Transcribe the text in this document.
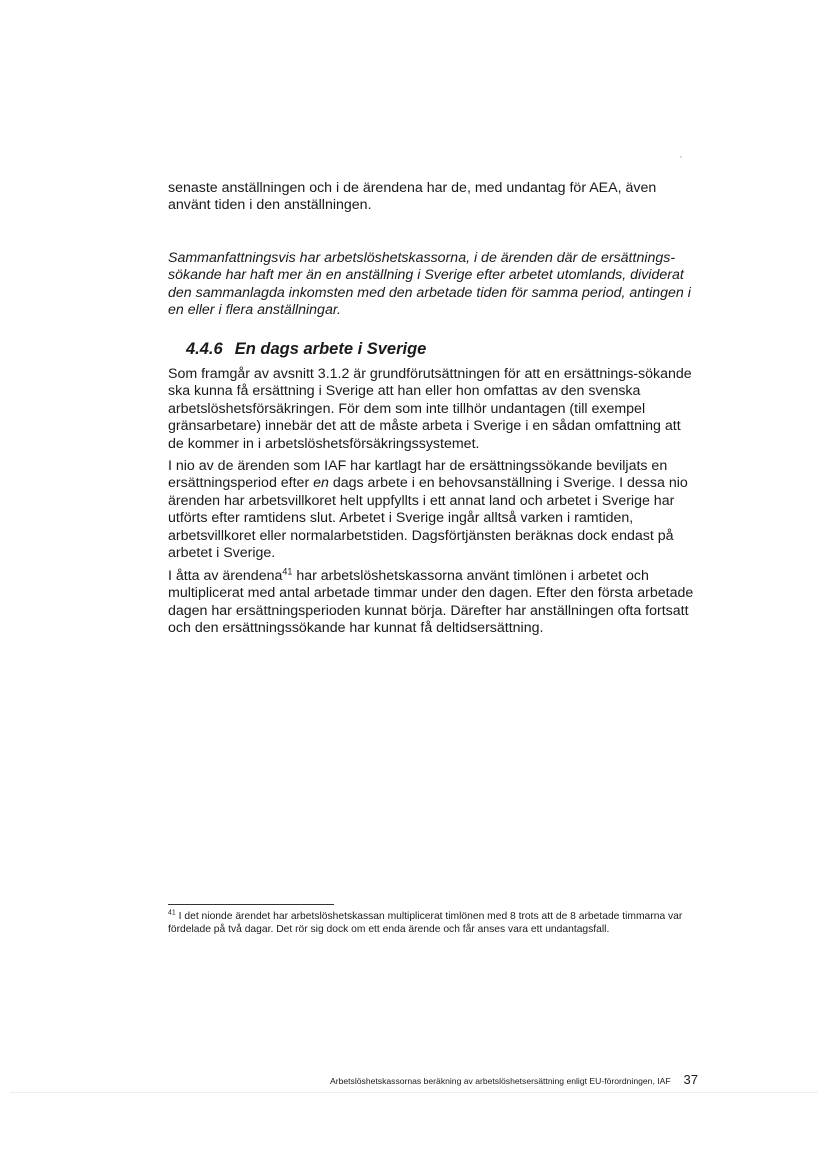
senaste anställningen och i de ärendena har de, med undantag för AEA, även använt tiden i den anställningen.

Sammanfattningsvis har arbetslöshetskassorna, i de ärenden där de ersättnings-sökande har haft mer än en anställning i Sverige efter arbetet utomlands, dividerat den sammanlagda inkomsten med den arbetade tiden för samma period, antingen i en eller i flera anställningar.

4.4.6 En dags arbete i Sverige

Som framgår av avsnitt 3.1.2 är grundförutsättningen för att en ersättnings-sökande ska kunna få ersättning i Sverige att han eller hon omfattas av den svenska arbetslöshetsförsäkringen. För dem som inte tillhör undantagen (till exempel gränsarbetare) innebär det att de måste arbeta i Sverige i en sådan omfattning att de kommer in i arbetslöshetsförsäkringssystemet.

I nio av de ärenden som IAF har kartlagt har de ersättningssökande beviljats en ersättningsperiod efter en dags arbete i en behovsanställning i Sverige. I dessa nio ärenden har arbetsvillkoret helt uppfyllts i ett annat land och arbetet i Sverige har utförts efter ramtidens slut. Arbetet i Sverige ingår alltså varken i ramtiden, arbetsvillkoret eller normalarbetstiden. Dagsförtjänsten beräknas dock endast på arbetet i Sverige.

I åtta av ärendena$^{41}$ har arbetslöshetskassorna använt timlönen i arbetet och multiplicerat med antal arbetade timmar under den dagen. Efter den första arbetade dagen har ersättningsperioden kunnat börja. Därefter har anställningen ofta fortsatt och den ersättningssökande har kunnat få deltidsersättning.

$^{41}$ I det nionde ärendet har arbetslöshetskassan multiplicerat timlönen med 8 trots att de 8 arbetade timmarna var fördelade på två dagar. Det rör sig dock om ett enda ärende och får anses vara ett undantagsfall.

Arbetslöshetskassornas beräkning av arbetslöshetsersättning enligt EU-förordningen, IAF 37
